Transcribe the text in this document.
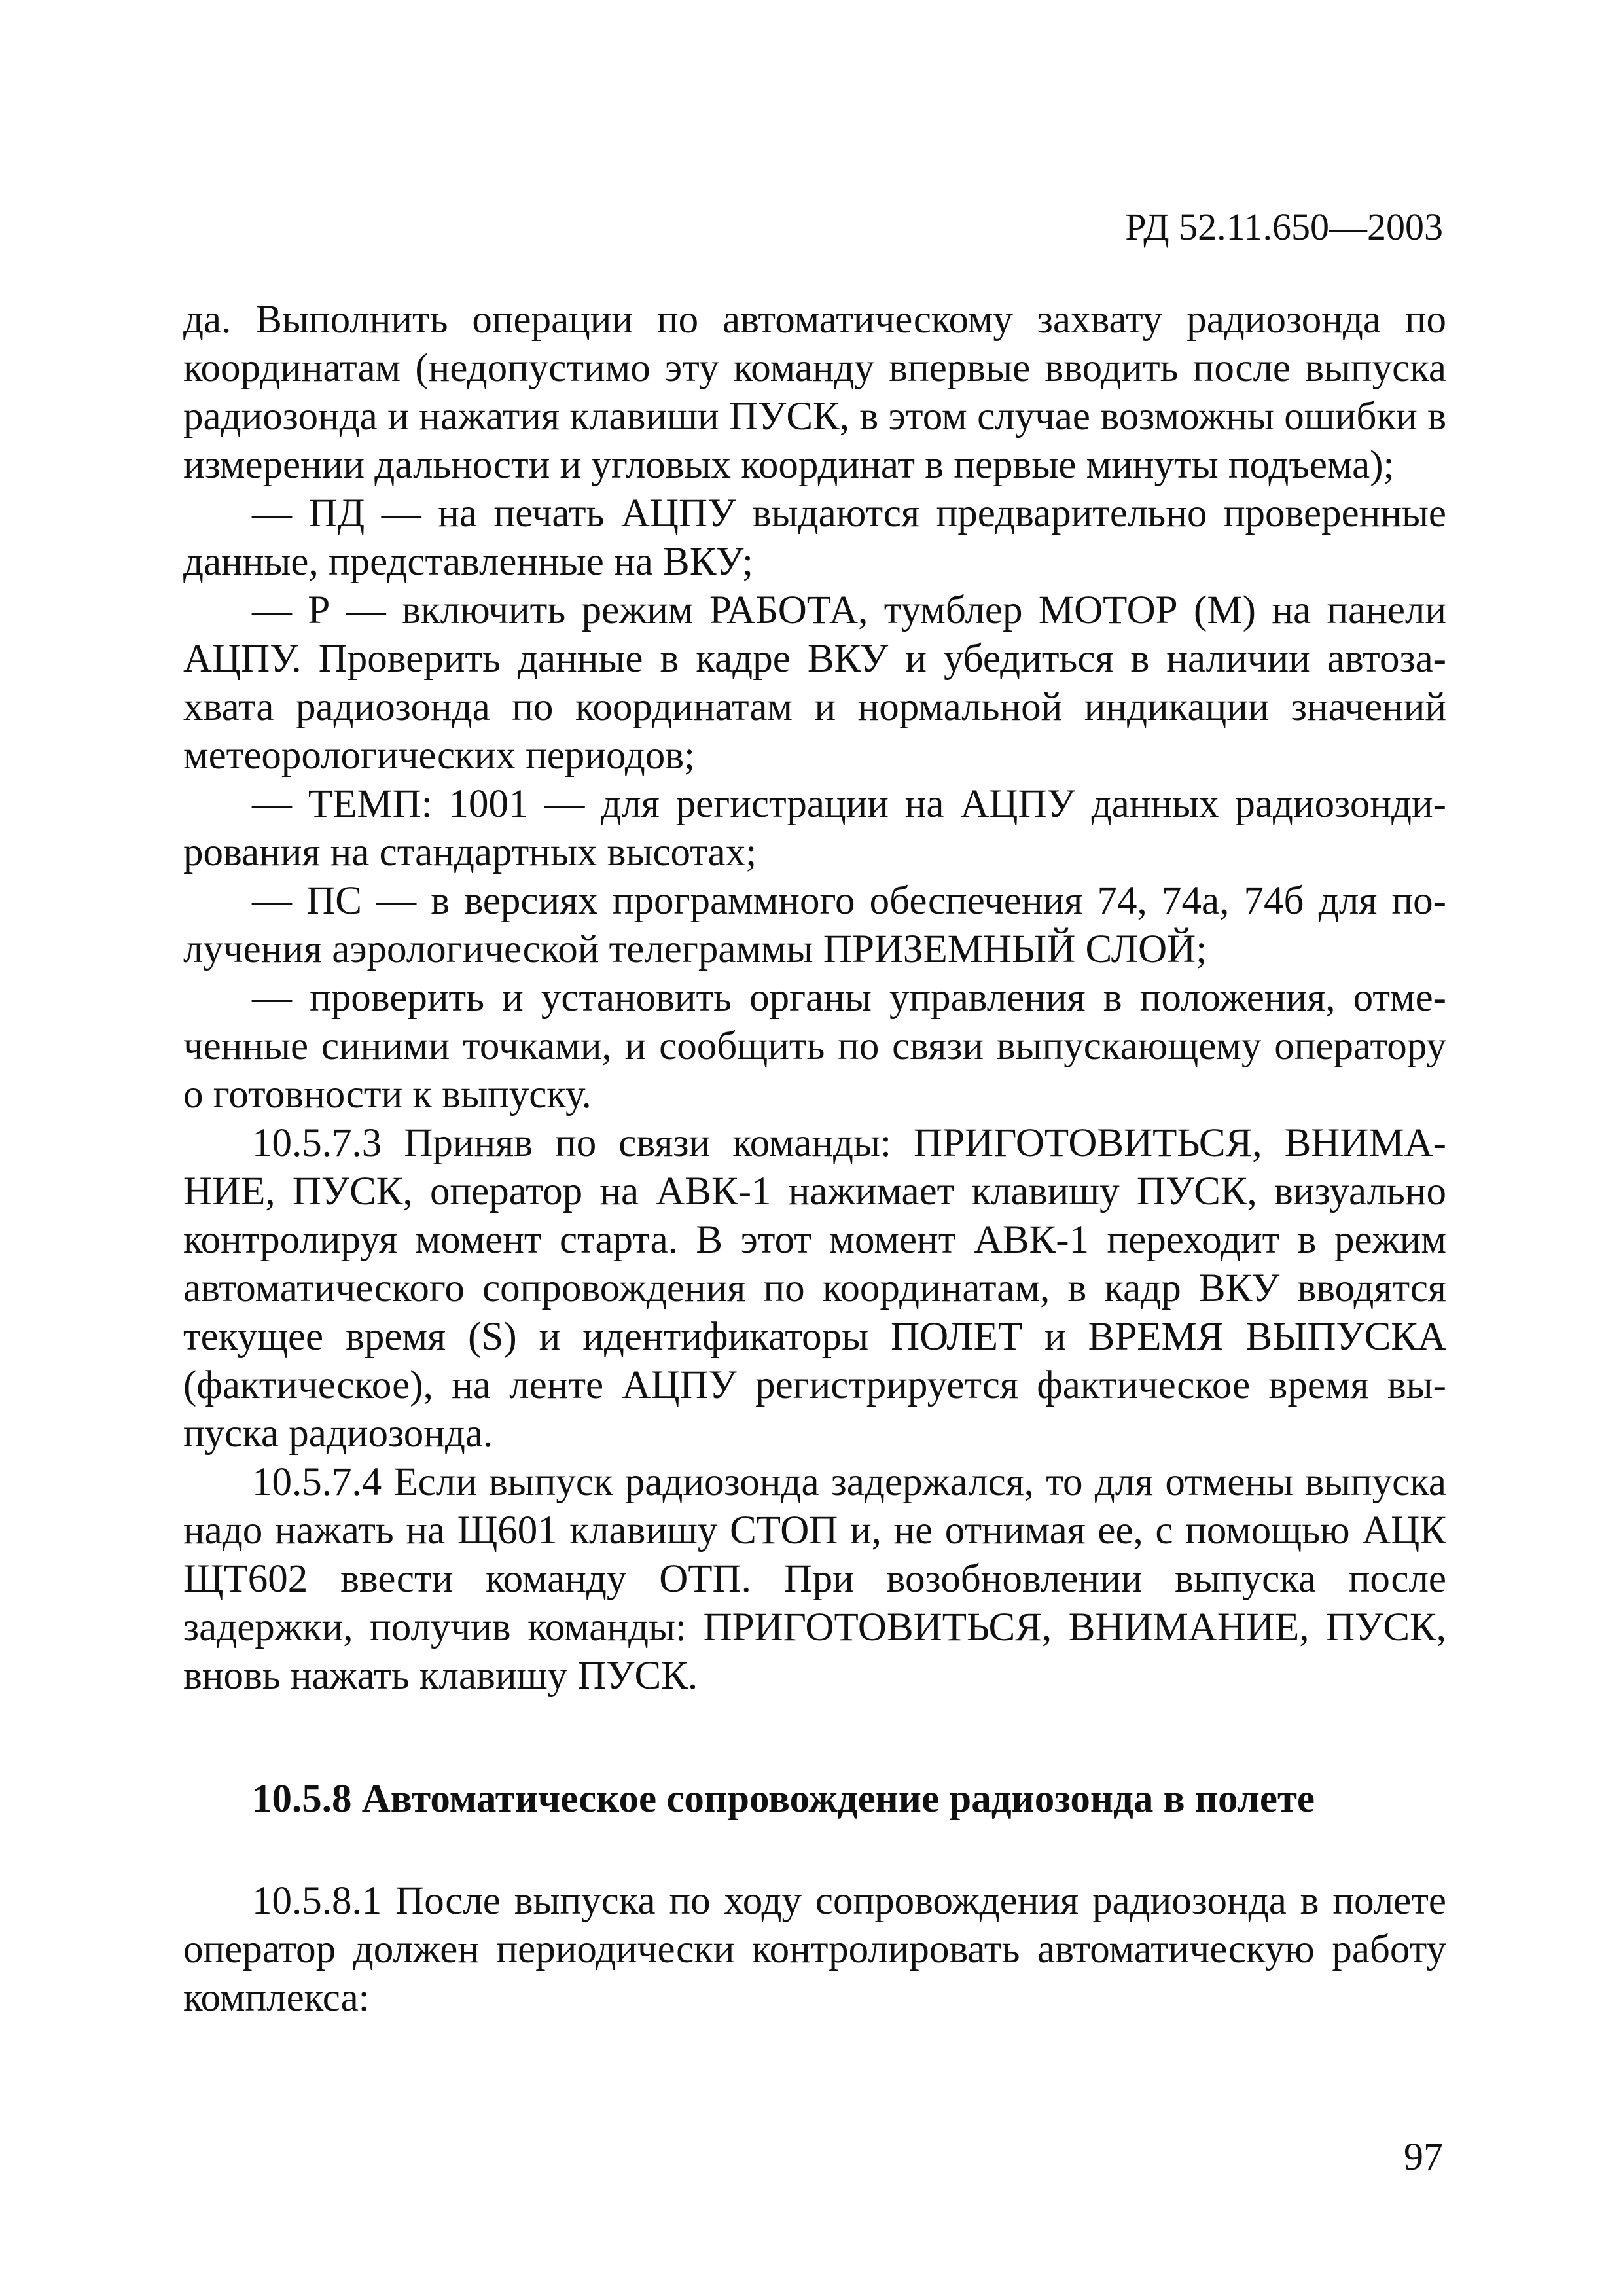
РД 52.11.650—2003

да. Выполнить операции по автоматическому захвату радиозонда по координатам (недопустимо эту команду впервые вводить после выпуска радиозонда и нажатия клавиши ПУСК, в этом случае возможны ошибки в измерении дальности и угловых координат в первые минуты подъема);

— ПД — на печать АЦПУ выдаются предварительно проверенные данные, представленные на ВКУ;

— Р — включить режим РАБОТА, тумблер МОТОР (М) на панели АЦПУ. Проверить данные в кадре ВКУ и убедиться в наличии автозахвата радиозонда по координатам и нормальной индикации значений метеорологических периодов;

— ТЕМП: 1001 — для регистрации на АЦПУ данных радиозондирования на стандартных высотах;

— ПС — в версиях программного обеспечения 74, 74а, 74б для получения аэрологической телеграммы ПРИЗЕМНЫЙ СЛОЙ;

— проверить и установить органы управления в положения, отмеченные синими точками, и сообщить по связи выпускающему оператору о готовности к выпуску.

10.5.7.3 Приняв по связи команды: ПРИГОТОВИТЬСЯ, ВНИМАНИЕ, ПУСК, оператор на АВК-1 нажимает клавишу ПУСК, визуально контролируя момент старта. В этот момент АВК-1 переходит в режим автоматического сопровождения по координатам, в кадр ВКУ вводятся текущее время (S) и идентификаторы ПОЛЕТ и ВРЕМЯ ВЫПУСКА (фактическое), на ленте АЦПУ регистрируется фактическое время выпуска радиозонда.

10.5.7.4 Если выпуск радиозонда задержался, то для отмены выпуска надо нажать на Щ601 клавишу СТОП и, не отнимая ее, с помощью АЦК ЩТ602 ввести команду ОТП. При возобновлении выпуска после задержки, получив команды: ПРИГОТОВИТЬСЯ, ВНИМАНИЕ, ПУСК, вновь нажать клавишу ПУСК.

10.5.8 Автоматическое сопровождение радиозонда в полете

10.5.8.1 После выпуска по ходу сопровождения радиозонда в полете оператор должен периодически контролировать автоматическую работу комплекса:

97
